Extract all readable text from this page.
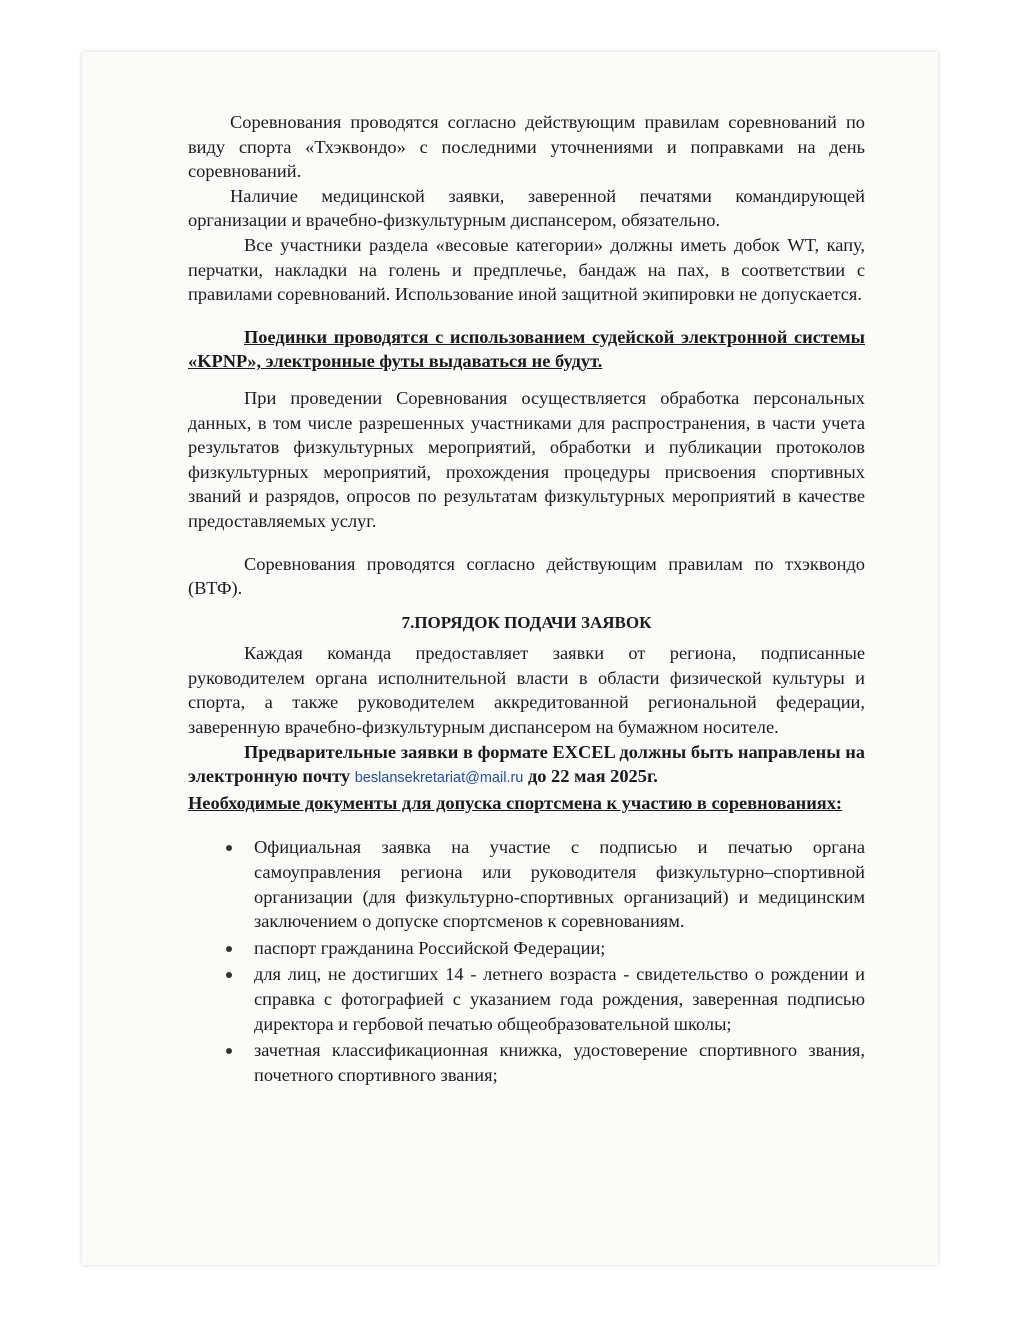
Соревнования проводятся согласно действующим правилам соревнований по виду спорта «Тхэквондо» с последними уточнениями и поправками на день соревнований.

Наличие медицинской заявки, заверенной печатями командирующей организации и врачебно-физкультурным диспансером, обязательно.

Все участники раздела «весовые категории» должны иметь добок WT, капу, перчатки, накладки на голень и предплечье, бандаж на пах, в соответствии с правилами соревнований. Использование иной защитной экипировки не допускается.

Поединки проводятся с использованием судейской электронной системы «KPNP», электронные футы выдаваться не будут.

При проведении Соревнования осуществляется обработка персональных данных, в том числе разрешенных участниками для распространения, в части учета результатов физкультурных мероприятий, обработки и публикации протоколов физкультурных мероприятий, прохождения процедуры присвоения спортивных званий и разрядов, опросов по результатам физкультурных мероприятий в качестве предоставляемых услуг.

Соревнования проводятся согласно действующим правилам по тхэквондо (ВТФ).

7.ПОРЯДОК ПОДАЧИ ЗАЯВОК

Каждая команда предоставляет заявки от региона, подписанные руководителем органа исполнительной власти в области физической культуры и спорта, а также руководителем аккредитованной региональной федерации, заверенную врачебно-физкультурным диспансером на бумажном носителе.

Предварительные заявки в формате EXCEL должны быть направлены на электронную почту beslansekretariat@mail.ru до 22 мая 2025г.

Необходимые документы для допуска спортсмена к участию в соревнованиях:

Официальная заявка на участие с подписью и печатью органа самоуправления региона или руководителя физкультурно–спортивной организации (для физкультурно-спортивных организаций) и медицинским заключением о допуске спортсменов к соревнованиям.
паспорт гражданина Российской Федерации;
для лиц, не достигших 14 - летнего возраста - свидетельство о рождении и справка с фотографией с указанием года рождения, заверенная подписью директора и гербовой печатью общеобразовательной школы;
зачетная классификационная книжка, удостоверение спортивного звания, почетного спортивного звания;
